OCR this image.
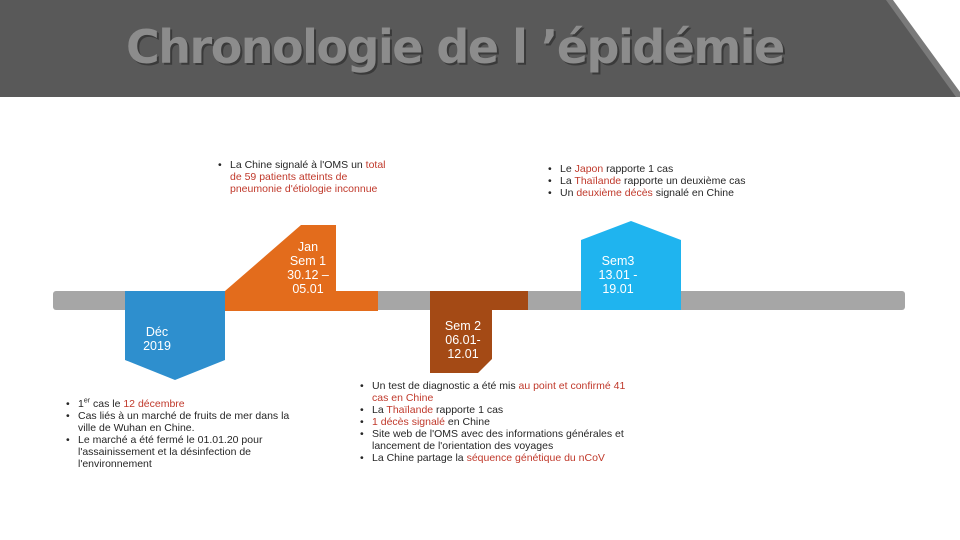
Chronologie de l ’épidémie
Déc
2019
Jan
Sem 1
30.12 –
05.01
Sem 2
06.01-
12.01
Sem3
13.01 -
19.01
• La Chine signalé à l'OMS un total de 59 patients atteints de pneumonie d'étiologie inconnue
• Le Japon rapporte 1 cas
• La Thaïlande rapporte un deuxième cas
• Un deuxième décès signalé en Chine
• 1er cas le 12 décembre
• Cas liés à un marché de fruits de mer dans la ville de Wuhan en Chine.
• Le marché a été fermé le 01.01.20 pour l'assainissement et la désinfection de l'environnement
• Un test de diagnostic a été mis au point et confirmé 41 cas en Chine
• La Thaïlande rapporte 1 cas
• 1 décès signalé en Chine
• Site web de l'OMS avec des informations générales et lancement de l'orientation des voyages
• La Chine partage la séquence génétique du nCoV
